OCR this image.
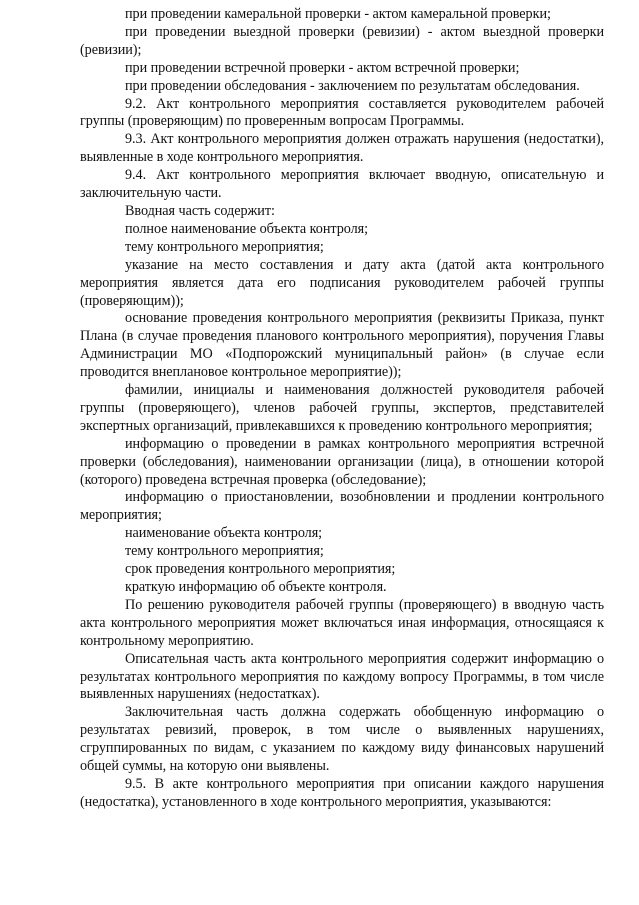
при проведении камеральной проверки - актом камеральной проверки;

при проведении выездной проверки (ревизии) - актом выездной проверки (ревизии);

при проведении встречной проверки - актом встречной проверки;

при проведении обследования - заключением по результатам обследования.

9.2. Акт контрольного мероприятия составляется руководителем рабочей группы (проверяющим) по проверенным вопросам Программы.

9.3. Акт контрольного мероприятия должен отражать нарушения (недостатки), выявленные в ходе контрольного мероприятия.

9.4. Акт контрольного мероприятия включает вводную, описательную и заключительную части.

Вводная часть содержит:

полное наименование объекта контроля;

тему контрольного мероприятия;

указание на место составления и дату акта (датой акта контрольного мероприятия является дата его подписания руководителем рабочей группы (проверяющим));

основание проведения контрольного мероприятия (реквизиты Приказа, пункт Плана (в случае проведения планового контрольного мероприятия), поручения Главы Администрации МО «Подпорожский муниципальный район» (в случае если проводится внеплановое контрольное мероприятие));

фамилии, инициалы и наименования должностей руководителя рабочей группы (проверяющего), членов рабочей группы, экспертов, представителей экспертных организаций, привлекавшихся к проведению контрольного мероприятия;

информацию о проведении в рамках контрольного мероприятия встречной проверки (обследования), наименовании организации (лица), в отношении которой (которого) проведена встречная проверка (обследование);

информацию о приостановлении, возобновлении и продлении контрольного мероприятия;

наименование объекта контроля;

тему контрольного мероприятия;

срок проведения контрольного мероприятия;

краткую информацию об объекте контроля.

По решению руководителя рабочей группы (проверяющего) в вводную часть акта контрольного мероприятия может включаться иная информация, относящаяся к контрольному мероприятию.

Описательная часть акта контрольного мероприятия содержит информацию о результатах контрольного мероприятия по каждому вопросу Программы, в том числе выявленных нарушениях (недостатках).

Заключительная часть должна содержать обобщенную информацию о результатах ревизий, проверок, в том числе о выявленных нарушениях, сгруппированных по видам, с указанием по каждому виду финансовых нарушений общей суммы, на которую они выявлены.

9.5. В акте контрольного мероприятия при описании каждого нарушения (недостатка), установленного в ходе контрольного мероприятия, указываются:
